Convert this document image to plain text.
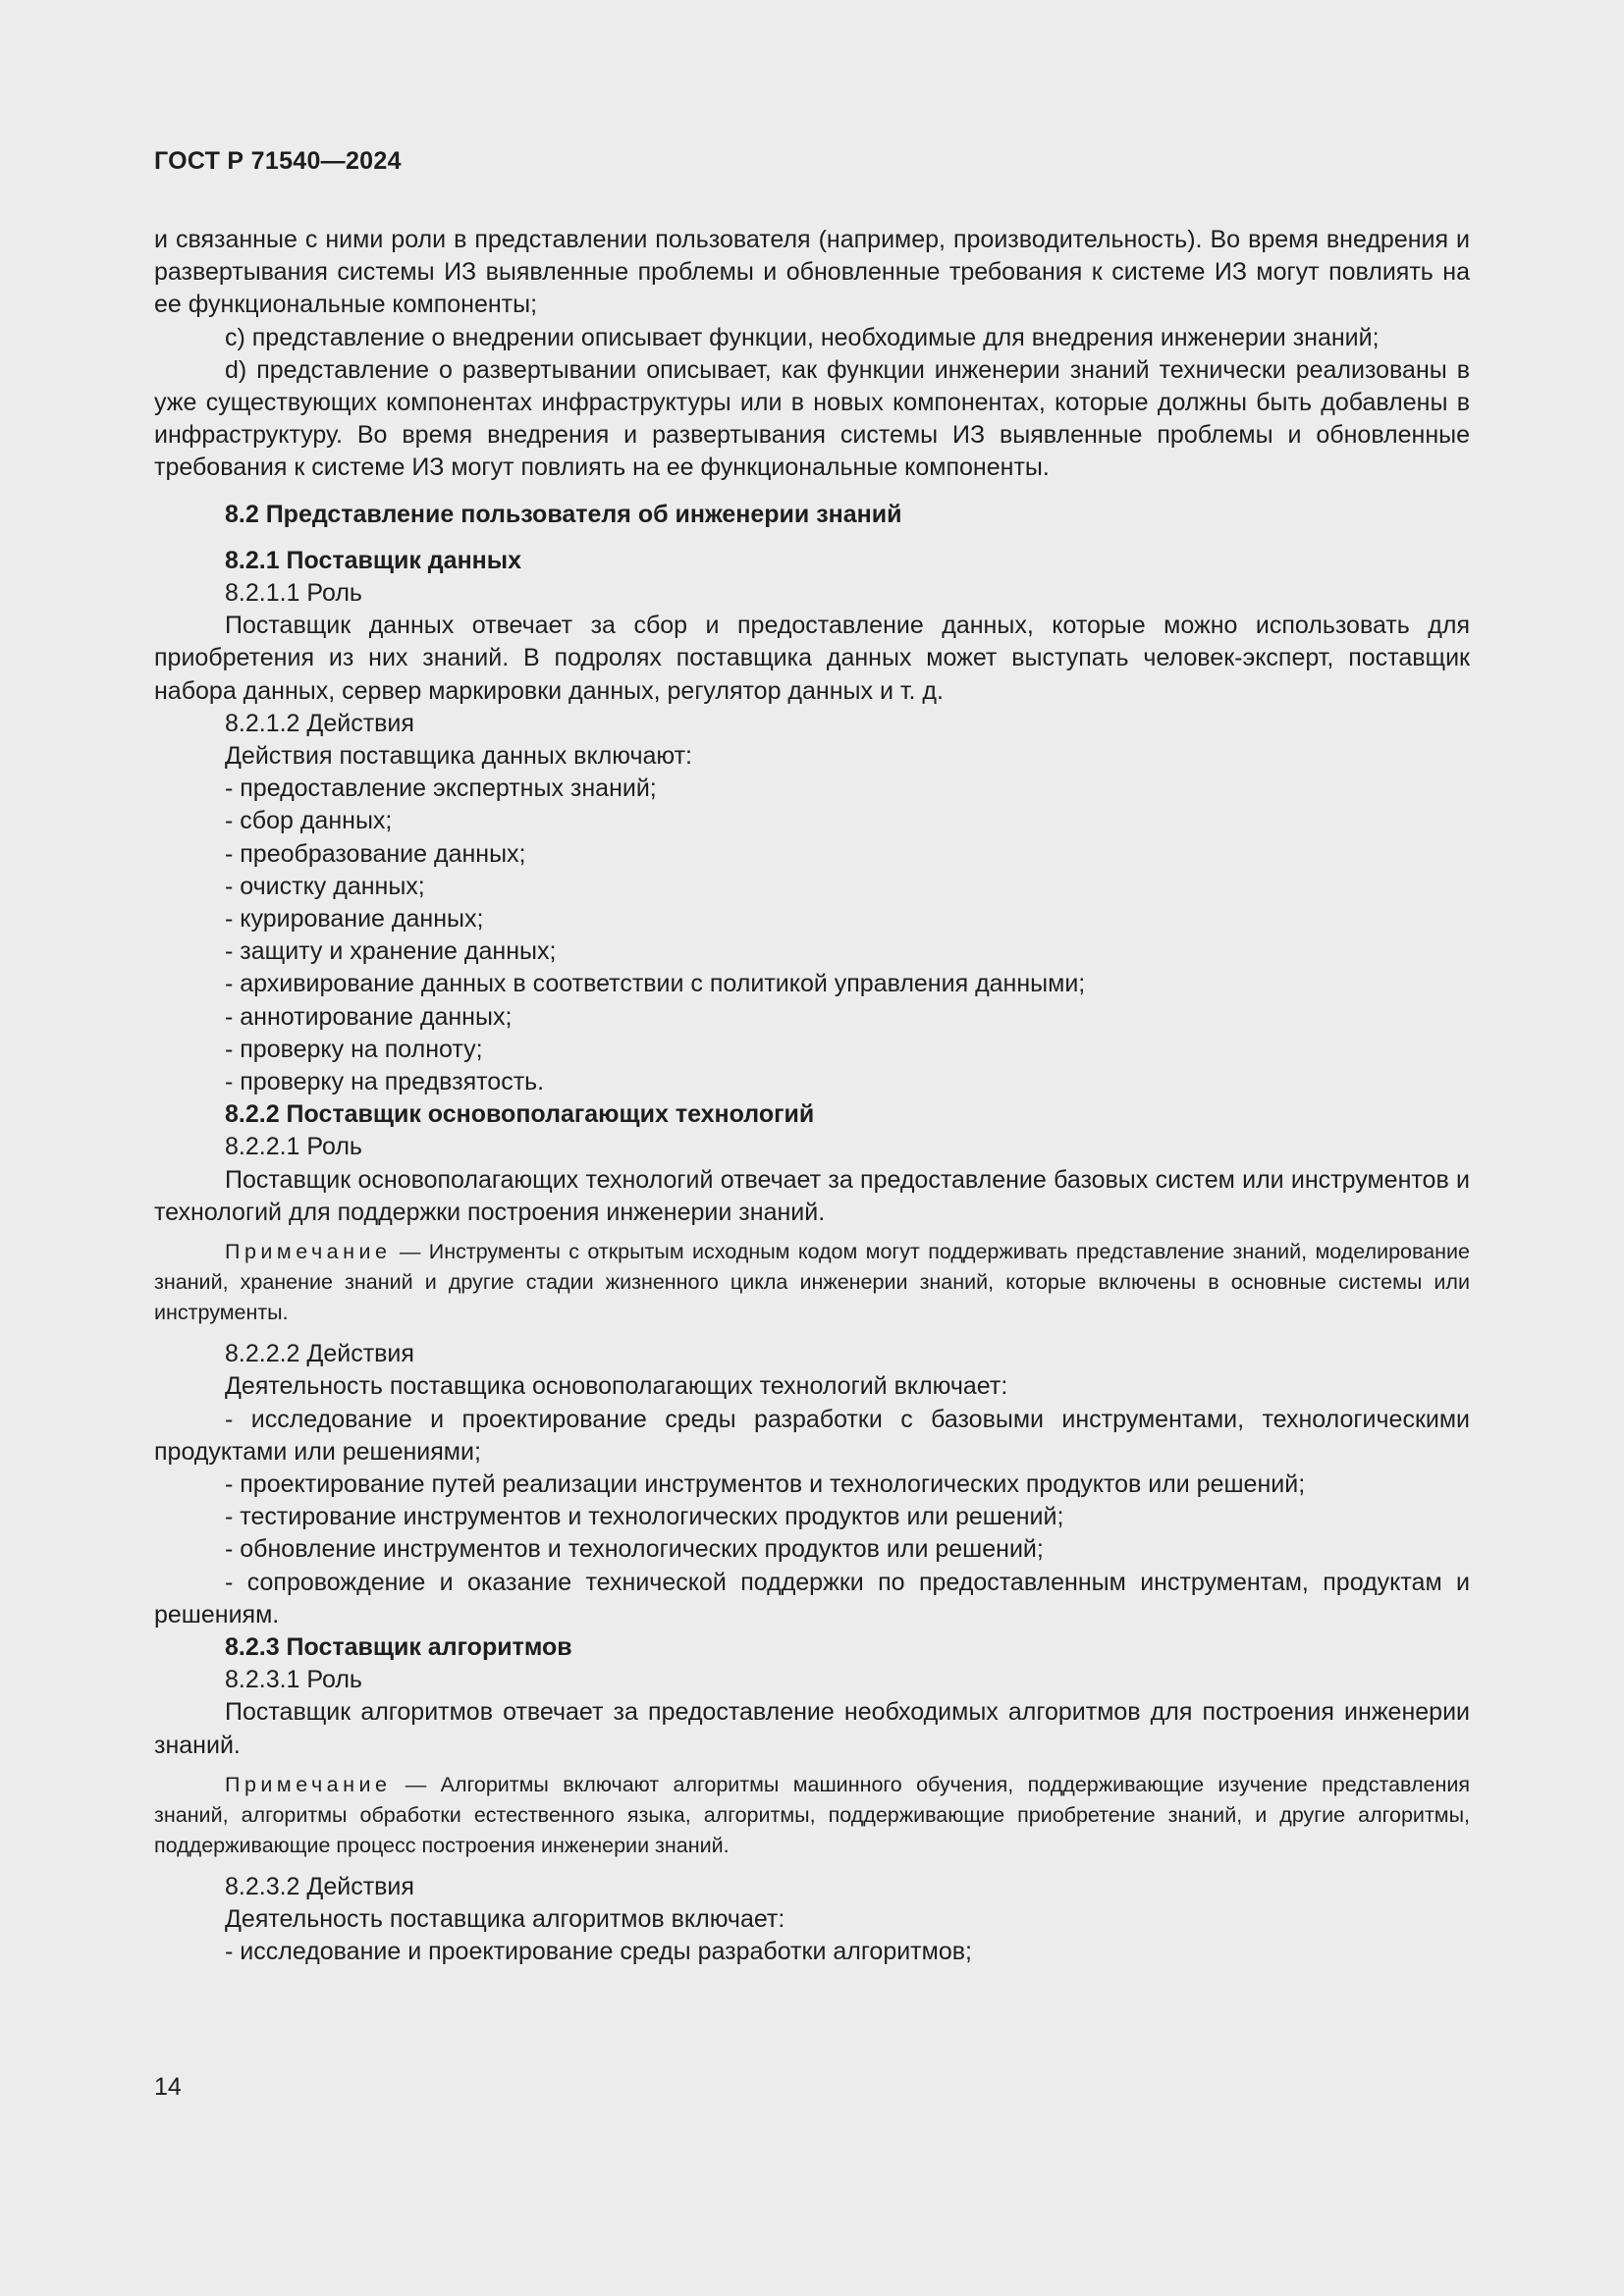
ГОСТ Р 71540—2024

и связанные с ними роли в представлении пользователя (например, производительность). Во время внедрения и развертывания системы ИЗ выявленные проблемы и обновленные требования к системе ИЗ могут повлиять на ее функциональные компоненты;

c) представление о внедрении описывает функции, необходимые для внедрения инженерии знаний;

d) представление о развертывании описывает, как функции инженерии знаний технически реализованы в уже существующих компонентах инфраструктуры или в новых компонентах, которые должны быть добавлены в инфраструктуру. Во время внедрения и развертывания системы ИЗ выявленные проблемы и обновленные требования к системе ИЗ могут повлиять на ее функциональные компоненты.

8.2 Представление пользователя об инженерии знаний

8.2.1 Поставщик данных

8.2.1.1 Роль

Поставщик данных отвечает за сбор и предоставление данных, которые можно использовать для приобретения из них знаний. В подролях поставщика данных может выступать человек-эксперт, поставщик набора данных, сервер маркировки данных, регулятор данных и т. д.

8.2.1.2 Действия

Действия поставщика данных включают:

- предоставление экспертных знаний;

- сбор данных;

- преобразование данных;

- очистку данных;

- курирование данных;

- защиту и хранение данных;

- архивирование данных в соответствии с политикой управления данными;

- аннотирование данных;

- проверку на полноту;

- проверку на предвзятость.

8.2.2 Поставщик основополагающих технологий

8.2.2.1 Роль

Поставщик основополагающих технологий отвечает за предоставление базовых систем или инструментов и технологий для поддержки построения инженерии знаний.

Примечание — Инструменты с открытым исходным кодом могут поддерживать представление знаний, моделирование знаний, хранение знаний и другие стадии жизненного цикла инженерии знаний, которые включены в основные системы или инструменты.

8.2.2.2 Действия

Деятельность поставщика основополагающих технологий включает:

- исследование и проектирование среды разработки с базовыми инструментами, технологическими продуктами или решениями;

- проектирование путей реализации инструментов и технологических продуктов или решений;

- тестирование инструментов и технологических продуктов или решений;

- обновление инструментов и технологических продуктов или решений;

- сопровождение и оказание технической поддержки по предоставленным инструментам, продуктам и решениям.

8.2.3 Поставщик алгоритмов

8.2.3.1 Роль

Поставщик алгоритмов отвечает за предоставление необходимых алгоритмов для построения инженерии знаний.

Примечание — Алгоритмы включают алгоритмы машинного обучения, поддерживающие изучение представления знаний, алгоритмы обработки естественного языка, алгоритмы, поддерживающие приобретение знаний, и другие алгоритмы, поддерживающие процесс построения инженерии знаний.

8.2.3.2 Действия

Деятельность поставщика алгоритмов включает:

- исследование и проектирование среды разработки алгоритмов;

14
